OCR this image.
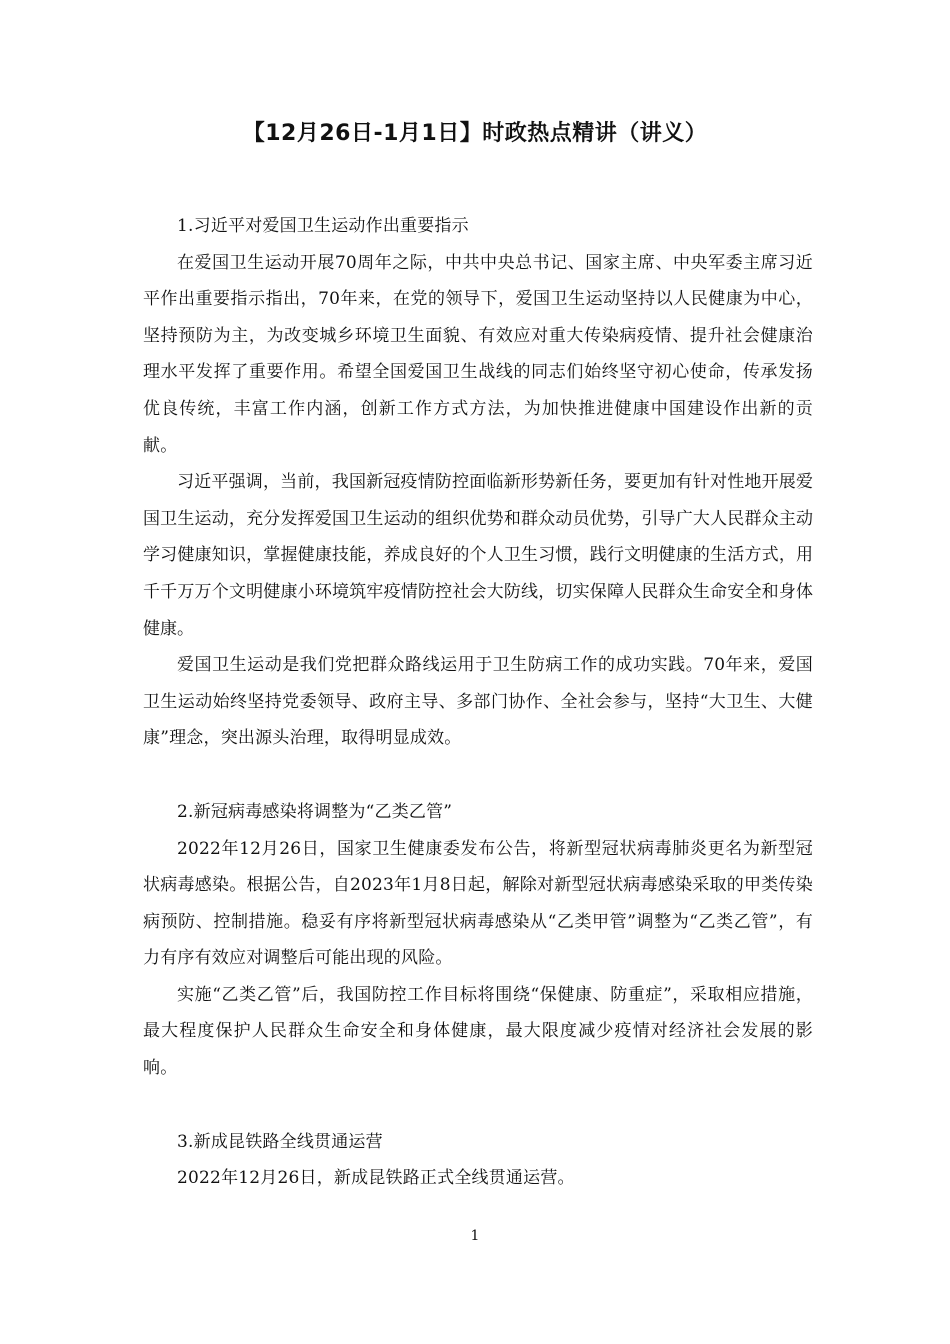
【12月26日-1月1日】时政热点精讲（讲义）

1.习近平对爱国卫生运动作出重要指示

在爱国卫生运动开展70周年之际，中共中央总书记、国家主席、中央军委主席习近平作出重要指示指出，70年来，在党的领导下，爱国卫生运动坚持以人民健康为中心，坚持预防为主，为改变城乡环境卫生面貌、有效应对重大传染病疫情、提升社会健康治理水平发挥了重要作用。希望全国爱国卫生战线的同志们始终坚守初心使命，传承发扬优良传统，丰富工作内涵，创新工作方式方法，为加快推进健康中国建设作出新的贡献。

习近平强调，当前，我国新冠疫情防控面临新形势新任务，要更加有针对性地开展爱国卫生运动，充分发挥爱国卫生运动的组织优势和群众动员优势，引导广大人民群众主动学习健康知识，掌握健康技能，养成良好的个人卫生习惯，践行文明健康的生活方式，用千千万万个文明健康小环境筑牢疫情防控社会大防线，切实保障人民群众生命安全和身体健康。

爱国卫生运动是我们党把群众路线运用于卫生防病工作的成功实践。70年来，爱国卫生运动始终坚持党委领导、政府主导、多部门协作、全社会参与，坚持“大卫生、大健康”理念，突出源头治理，取得明显成效。

2.新冠病毒感染将调整为“乙类乙管”

2022年12月26日，国家卫生健康委发布公告，将新型冠状病毒肺炎更名为新型冠状病毒感染。根据公告，自2023年1月8日起，解除对新型冠状病毒感染采取的甲类传染病预防、控制措施。稳妥有序将新型冠状病毒感染从“乙类甲管”调整为“乙类乙管”，有力有序有效应对调整后可能出现的风险。

实施“乙类乙管”后，我国防控工作目标将围绕“保健康、防重症”，采取相应措施，最大程度保护人民群众生命安全和身体健康，最大限度减少疫情对经济社会发展的影响。

3.新成昆铁路全线贯通运营

2022年12月26日，新成昆铁路正式全线贯通运营。

1
